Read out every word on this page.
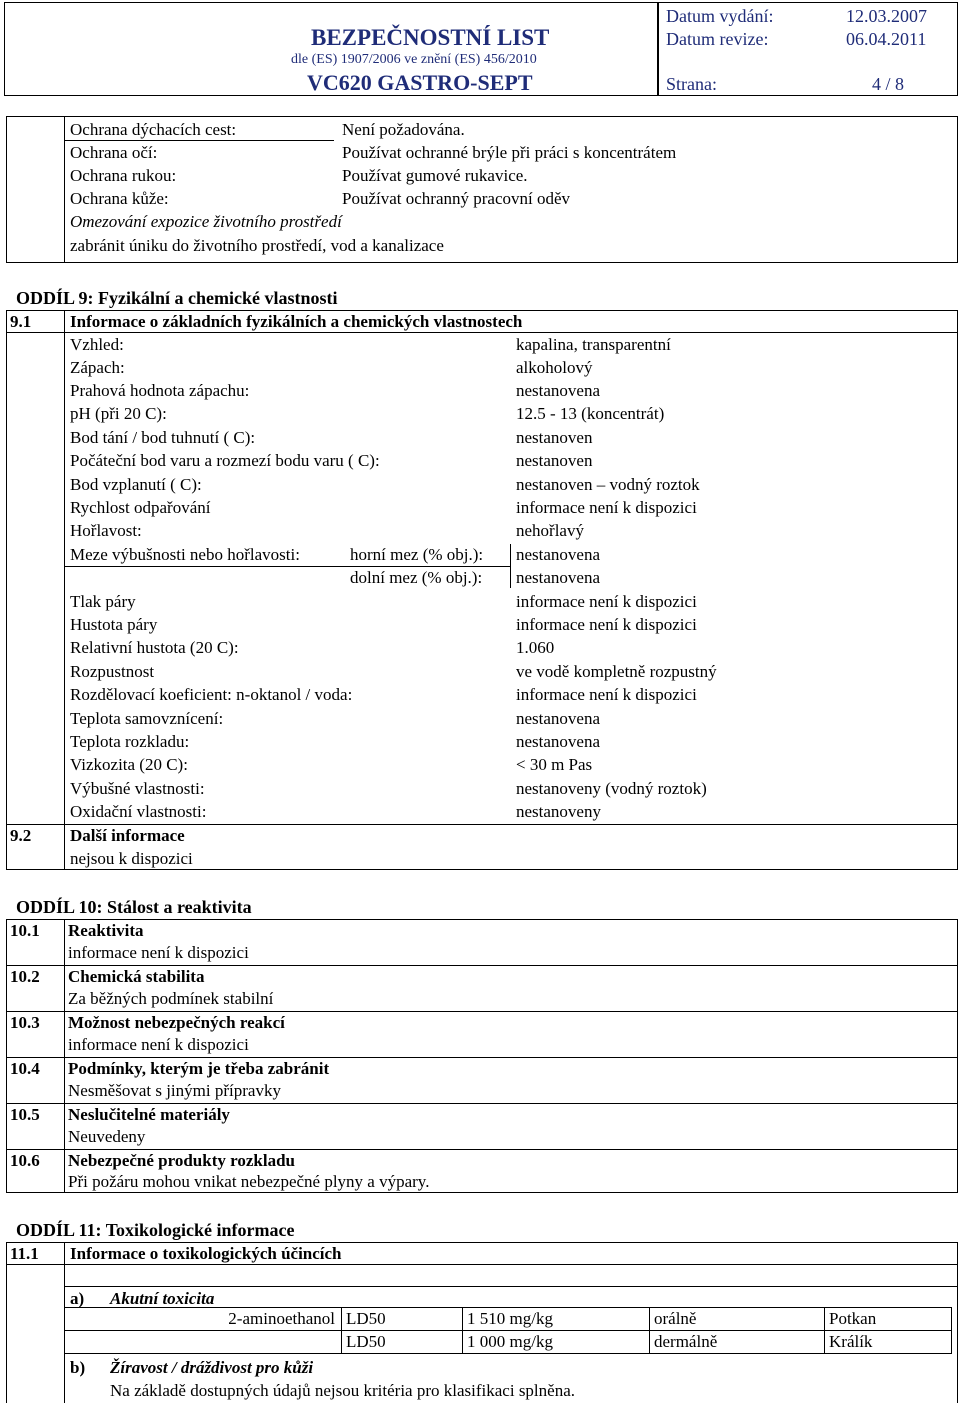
BEZPEČNOSTNÍ LIST
dle (ES) 1907/2006 ve znění (ES) 456/2010
VC620 GASTRO-SEPT
Datum vydání:	12.03.2007
Datum revize:	06.04.2011
Strana:	4 / 8
Ochrana dýchacích cest:	Není požadována.
Ochrana očí:	Používat ochranné brýle při práci s koncentrátem
Ochrana rukou:	Používat gumové rukavice.
Ochrana kůže:	Používat ochranný pracovní oděv
Omezování expozice životního prostředí
zabránit úniku do životního prostředí, vod a kanalizace
ODDÍL 9: Fyzikální a chemické vlastnosti
9.1 Informace o základních fyzikálních a chemických vlastnostech
Vzhled:	kapalina, transparentní
Zápach:	alkoholový
Prahová hodnota zápachu:	nestanovena
pH (při 20 C):	12.5 - 13 (koncentrát)
Bod tání / bod tuhnutí ( C):	nestanoven
Počáteční bod varu a rozmezí bodu varu ( C):	nestanoven
Bod vzplanutí ( C):	nestanoven – vodný roztok
Rychlost odpařování	informace není k dispozici
Hořlavost:	nehořlavý
Meze výbušnosti nebo hořlavosti:	horní mez (% obj.): nestanovena
dolní mez (% obj.): nestanovena
Tlak páry	informace není k dispozici
Hustota páry	informace není k dispozici
Relativní hustota (20 C):	1.060
Rozpustnost	ve vodě kompletně rozpustný
Rozdělovací koeficient: n-oktanol / voda:	informace není k dispozici
Teplota samovznícení:	nestanovena
Teplota rozkladu:	nestanovena
Vizkozita (20 C):	< 30 m Pas
Výbušné vlastnosti:	nestanoveny (vodný roztok)
Oxidační vlastnosti:	nestanoveny
9.2 Další informace
nejsou k dispozici
ODDÍL 10: Stálost a reaktivita
10.1 Reaktivita
informace není k dispozici
10.2 Chemická stabilita
Za běžných podmínek stabilní
10.3 Možnost nebezpečných reakcí
informace není k dispozici
10.4 Podmínky, kterým je třeba zabránit
Nesměšovat s jinými přípravky
10.5 Neslučitelné materiály
Neuvedeny
10.6 Nebezpečné produkty rozkladu
Při požáru mohou vnikat nebezpečné plyny a výpary.
ODDÍL 11: Toxikologické informace
11.1 Informace o toxikologických účincích
a) Akutní toxicita
2-aminoethanol	LD50	1 510 mg/kg	orálně	Potkan
	LD50	1 000 mg/kg	dermálně	Králík
b) Žíravost / dráždivost pro kůži
Na základě dostupných údajů nejsou kritéria pro klasifikaci splněna.
